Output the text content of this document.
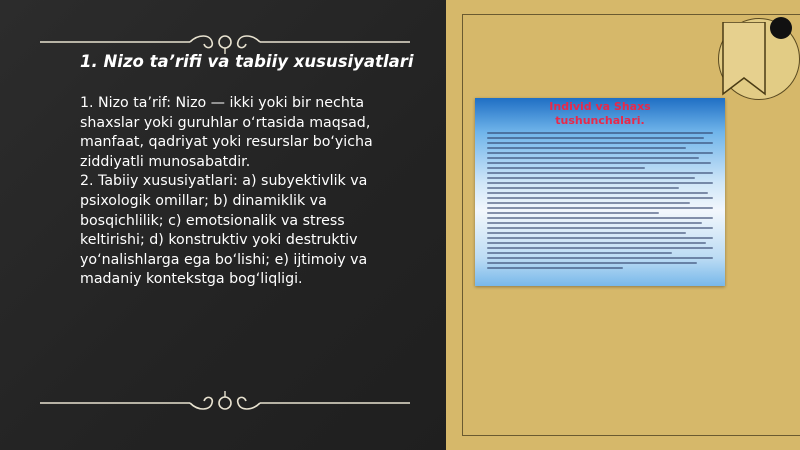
1. Nizo ta’rifi va tabiiy xususiyatlari

1. Nizo ta’rif: Nizo — ikki yoki bir nechta shaxslar yoki guruhlar o‘rtasida maqsad, manfaat, qadriyat yoki resurslar bo‘yicha ziddiyatli munosabatdir.

2. Tabiiy xususiyatlari: a) subyektivlik va psixologik omillar; b) dinamiklik va bosqichlilik; c) emotsionalik va stress keltirishi; d) konstruktiv yoki destruktiv yo‘nalishlarga ega bo‘lishi; e) ijtimoiy va madaniy kontekstga bog‘liqligi.

Individ va Shaxs
tushunchalari.
